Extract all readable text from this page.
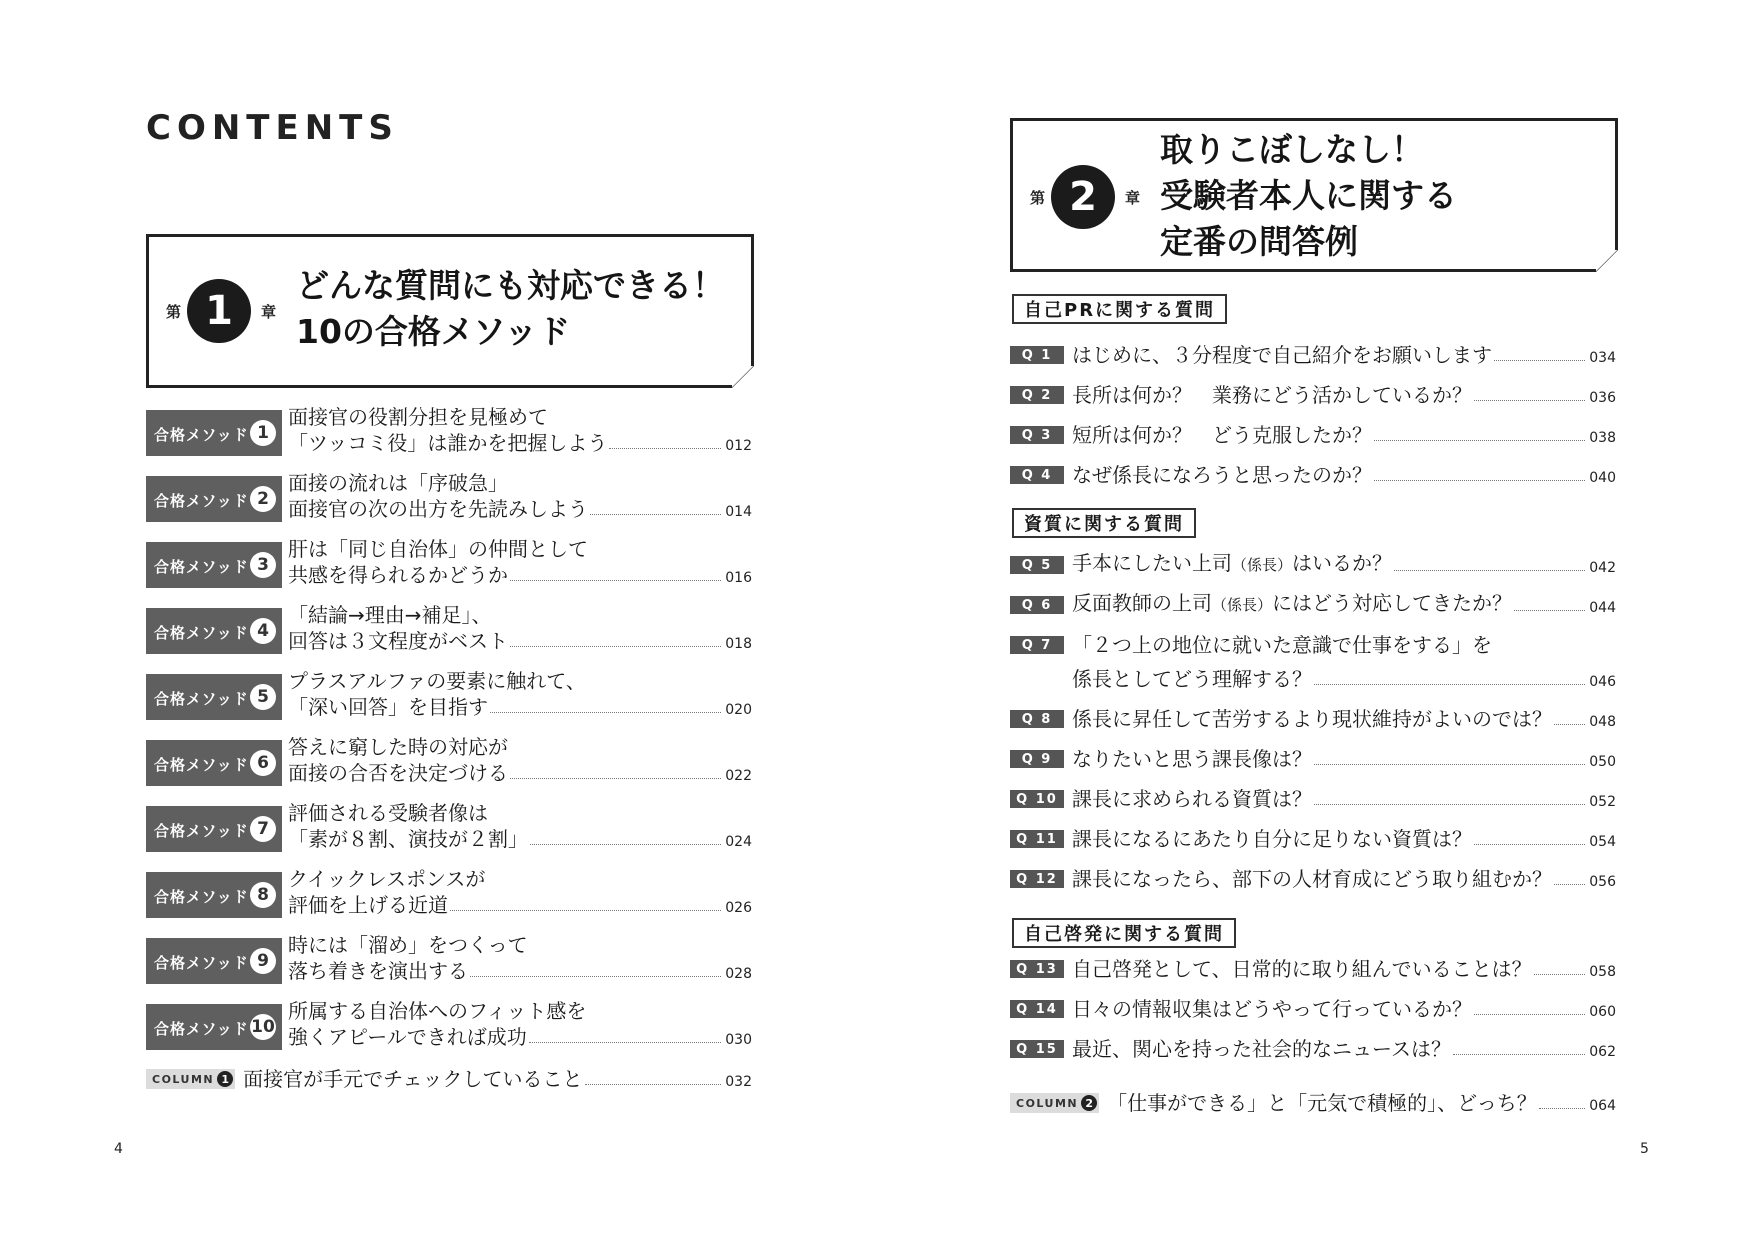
CONTENTS
第 1	章
どんな質問にも対応できる！
10の合格メソッド
合格メソッド 1
面接官の役割分担を見極めて
「ツッコミ役」は誰かを把握しよう	012
合格メソッド 2
面接の流れは「序破急」
面接官の次の出方を先読みしよう	014
合格メソッド 3
肝は「同じ自治体」の仲間として
共感を得られるかどうか	016
合格メソッド 4
「結論→理由→補足」、
回答は３文程度がベスト	018
合格メソッド 5
プラスアルファの要素に触れて、
「深い回答」を目指す	020
合格メソッド 6
答えに窮した時の対応が
面接の合否を決定づける	022
合格メソッド 7
評価される受験者像は
「素が８割、演技が２割」	024
合格メソッド 8
クイックレスポンスが
評価を上げる近道	026
合格メソッド 9
時には「溜め」をつくって
落ち着きを演出する	028
合格メソッド 10
所属する自治体へのフィット感を
強くアピールできれば成功	030
COLUMN 1 面接官が手元でチェックしていること	032
4
第 2	章
取りこぼしなし！
受験者本人に関する
定番の問答例
自己PRに関する質問
資質に関する質問
自己啓発に関する質問
Q 1 はじめに、３分程度で自己紹介をお願いします	034
Q 2 長所は何か？　業務にどう活かしているか？	036
Q 3 短所は何か？　どう克服したか？	038
Q 4 なぜ係長になろうと思ったのか？	040
Q 5 手本にしたい上司（係長）はいるか？	042
Q 6 反面教師の上司（係長）にはどう対応してきたか？	044
Q 7 「２つ上の地位に就いた意識で仕事をする」を
係長としてどう理解する？	046
Q 8 係長に昇任して苦労するより現状維持がよいのでは？	048
Q 9 なりたいと思う課長像は？	050
Q 10 課長に求められる資質は？	052
Q 11 課長になるにあたり自分に足りない資質は？	054
Q 12 課長になったら、部下の人材育成にどう取り組むか？	056
Q 13 自己啓発として、日常的に取り組んでいることは？	058
Q 14 日々の情報収集はどうやって行っているか？	060
Q 15 最近、関心を持った社会的なニュースは？	062
COLUMN 2 「仕事ができる」と「元気で積極的」、どっち？	064
5
